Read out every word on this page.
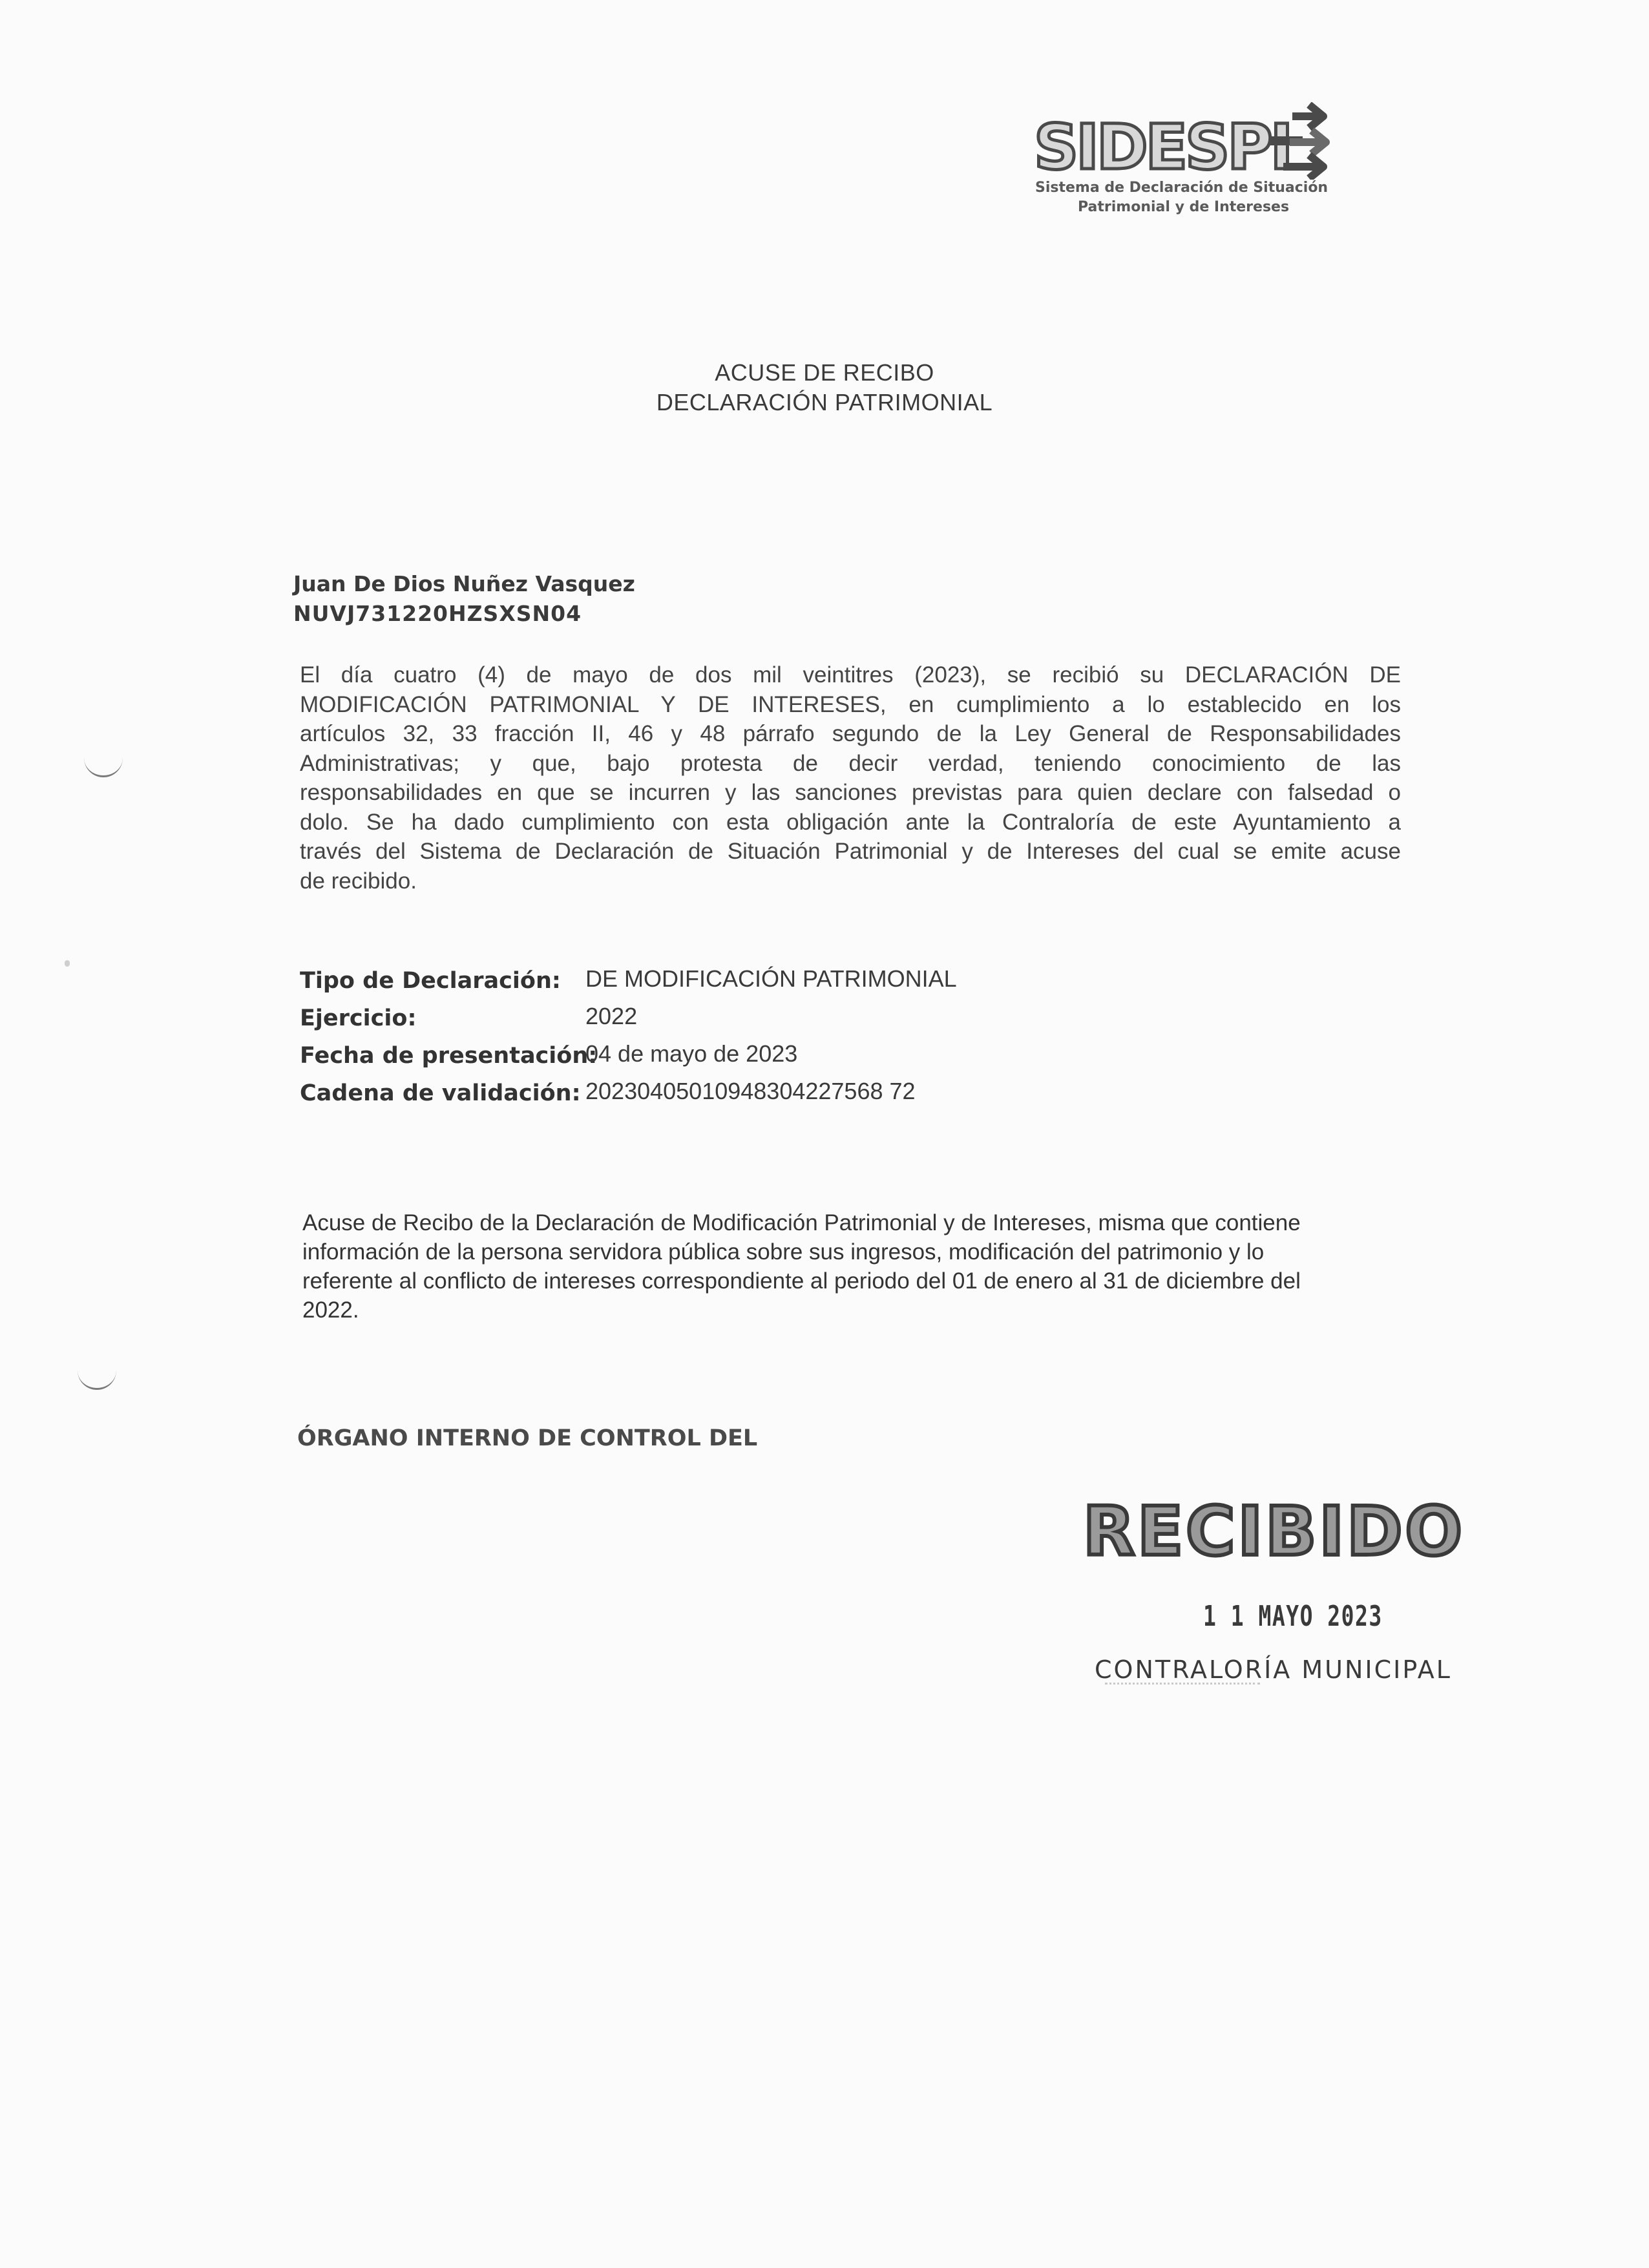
SIDESPI
Sistema de Declaración de Situación
Patrimonial y de Intereses
ACUSE DE RECIBO
DECLARACIÓN PATRIMONIAL
Juan De Dios Nuñez Vasquez
NUVJ731220HZSXSN04
El día cuatro (4) de mayo de dos mil veintitres (2023), se recibió su DECLARACIÓN DE
MODIFICACIÓN PATRIMONIAL Y DE INTERESES, en cumplimiento a lo establecido en los
artículos 32, 33 fracción II, 46 y 48 párrafo segundo de la Ley General de Responsabilidades
Administrativas; y que, bajo protesta de decir verdad, teniendo conocimiento de las
responsabilidades en que se incurren y las sanciones previstas para quien declare con falsedad o
dolo. Se ha dado cumplimiento con esta obligación ante la Contraloría de este Ayuntamiento a
través del Sistema de Declaración de Situación Patrimonial y de Intereses del cual se emite acuse
de recibido.
Tipo de Declaración: DE MODIFICACIÓN PATRIMONIAL
Ejercicio:	2022
Fecha de presentación:
04 de mayo de 2023
Cadena de validación: 20230405010948304227568 72
Acuse de Recibo de la Declaración de Modificación Patrimonial y de Intereses, misma que contiene
información de la persona servidora pública sobre sus ingresos, modificación del patrimonio y lo
referente al conflicto de intereses correspondiente al periodo del 01 de enero al 31 de diciembre del
2022.
ÓRGANO INTERNO DE CONTROL DEL
RECIBIDO
1 1 MAYO 2023
CONTRALORÍA MUNICIPAL
